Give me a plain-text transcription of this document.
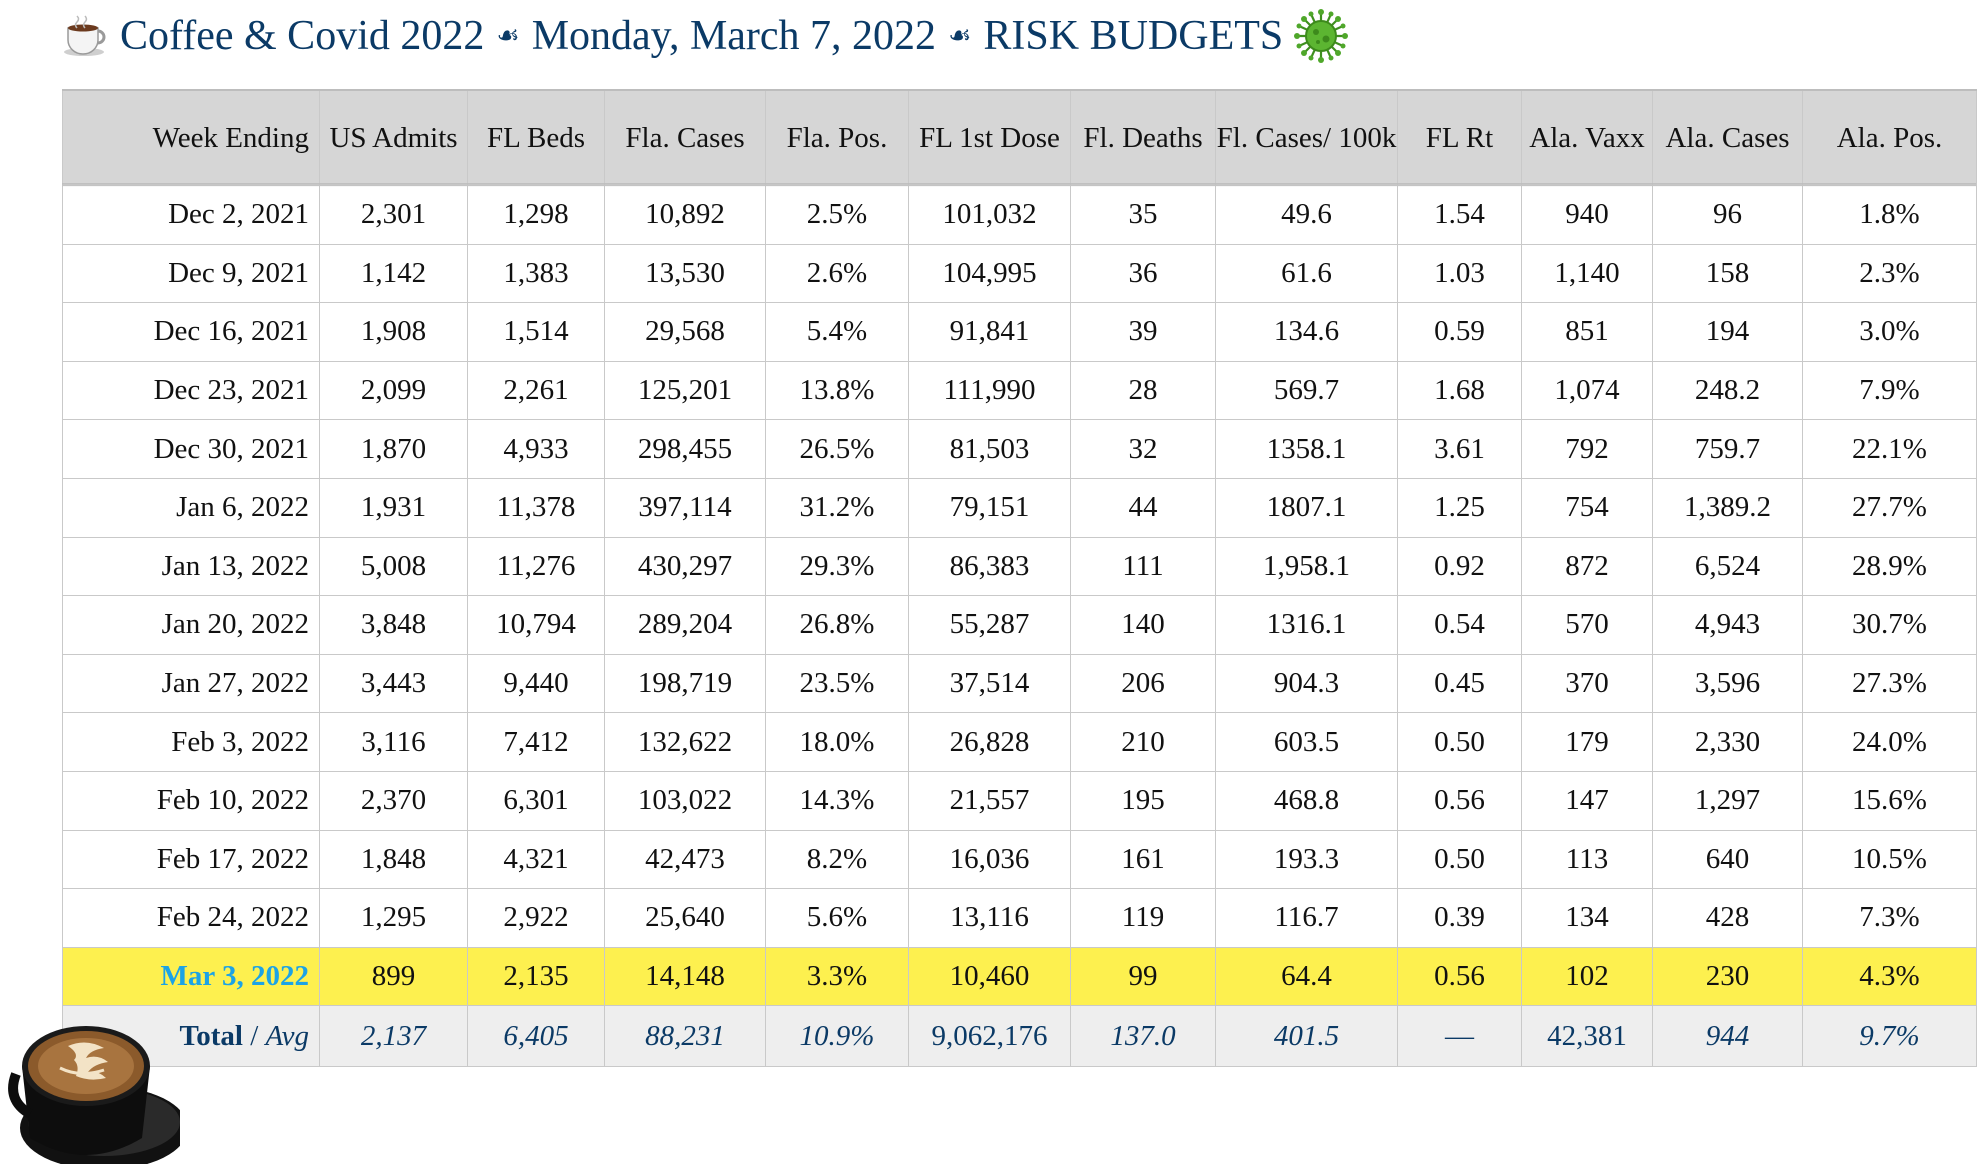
Coffee & Covid 2022 ☙ Monday, March 7, 2022 ☙ RISK BUDGETS
Week Ending	US Admits	FL Beds	Fla. Cases	Fla. Pos.	FL 1st Dose	Fl. Deaths	Fl. Cases/ 100k	FL Rt	Ala. Vaxx	Ala. Cases	Ala. Pos.
Dec 2, 2021	2,301	1,298	10,892	2.5%	101,032	35	49.6	1.54	940	96	1.8%
Dec 9, 2021	1,142	1,383	13,530	2.6%	104,995	36	61.6	1.03	1,140	158	2.3%
Dec 16, 2021	1,908	1,514	29,568	5.4%	91,841	39	134.6	0.59	851	194	3.0%
Dec 23, 2021	2,099	2,261	125,201	13.8%	111,990	28	569.7	1.68	1,074	248.2	7.9%
Dec 30, 2021	1,870	4,933	298,455	26.5%	81,503	32	1358.1	3.61	792	759.7	22.1%
Jan 6, 2022	1,931	11,378	397,114	31.2%	79,151	44	1807.1	1.25	754	1,389.2	27.7%
Jan 13, 2022	5,008	11,276	430,297	29.3%	86,383	111	1,958.1	0.92	872	6,524	28.9%
Jan 20, 2022	3,848	10,794	289,204	26.8%	55,287	140	1316.1	0.54	570	4,943	30.7%
Jan 27, 2022	3,443	9,440	198,719	23.5%	37,514	206	904.3	0.45	370	3,596	27.3%
Feb 3, 2022	3,116	7,412	132,622	18.0%	26,828	210	603.5	0.50	179	2,330	24.0%
Feb 10, 2022	2,370	6,301	103,022	14.3%	21,557	195	468.8	0.56	147	1,297	15.6%
Feb 17, 2022	1,848	4,321	42,473	8.2%	16,036	161	193.3	0.50	113	640	10.5%
Feb 24, 2022	1,295	2,922	25,640	5.6%	13,116	119	116.7	0.39	134	428	7.3%
Mar 3, 2022	899	2,135	14,148	3.3%	10,460	99	64.4	0.56	102	230	4.3%
Total / Avg	2,137	6,405	88,231	10.9%	9,062,176	137.0	401.5	—	42,381	944	9.7%
